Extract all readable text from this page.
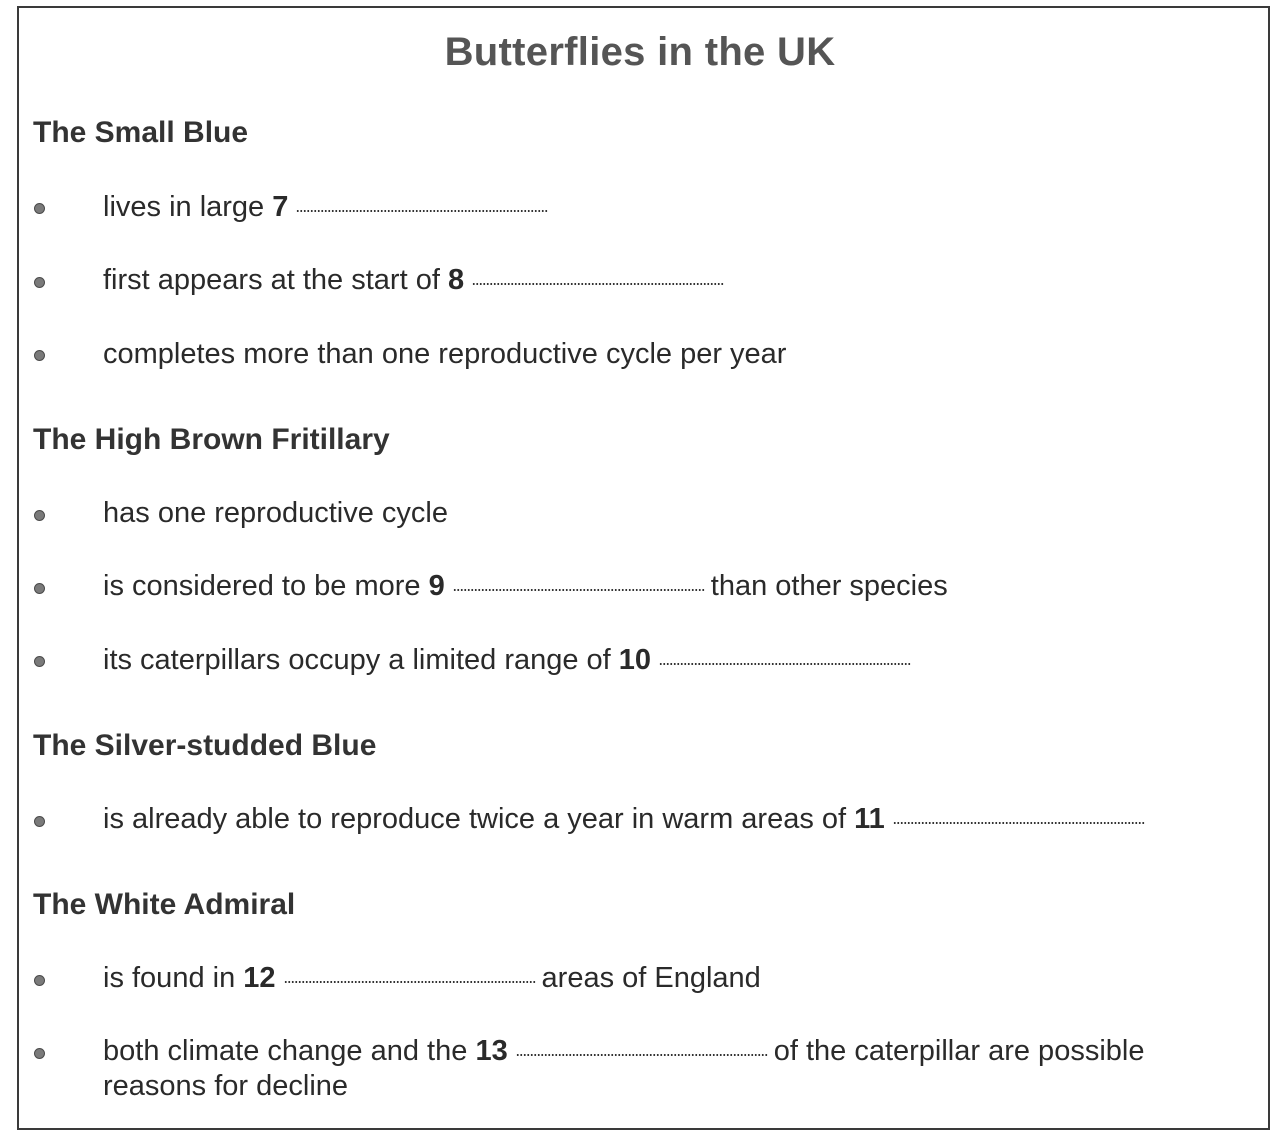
Butterflies in the UK
The Small Blue
lives in large 7
first appears at the start of 8
completes more than one reproductive cycle per year
The High Brown Fritillary
has one reproductive cycle
is considered to be more 9	than other species
its caterpillars occupy a limited range of 10
The Silver-studded Blue
is already able to reproduce twice a year in warm areas of 11
The White Admiral
is found in 12	areas of England
both climate change and the 13	of the caterpillar are possible reasons for decline
